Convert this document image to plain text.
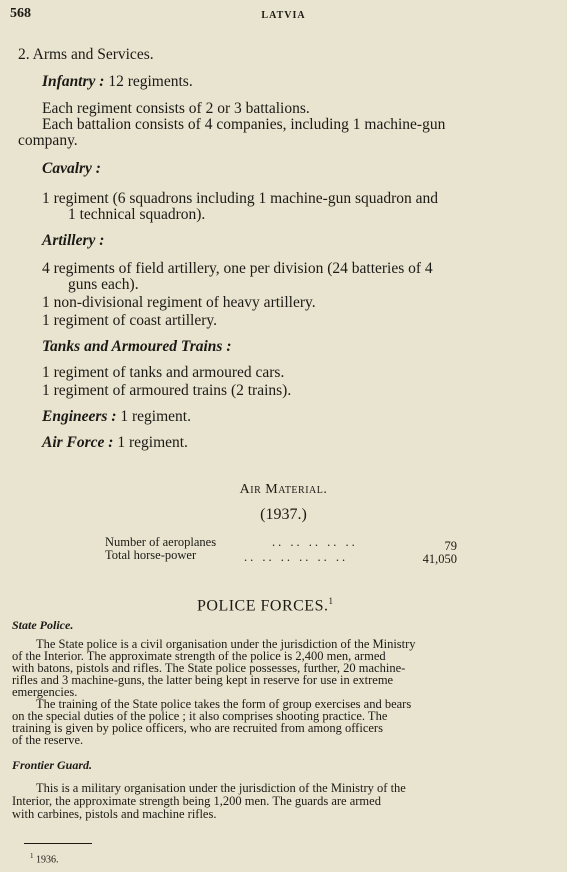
568	LATVIA
2. Arms and Services.
Infantry : 12 regiments.
Each regiment consists of 2 or 3 battalions.
Each battalion consists of 4 companies, including 1 machine-gun
company.
Cavalry :
1 regiment (6 squadrons including 1 machine-gun squadron and
1 technical squadron).
Artillery :
4 regiments of field artillery, one per division (24 batteries of 4
guns each).
1 non-divisional regiment of heavy artillery.
1 regiment of coast artillery.
Tanks and Armoured Trains :
1 regiment of tanks and armoured cars.
1 regiment of armoured trains (2 trains).
Engineers : 1 regiment.
Air Force : 1 regiment.
Air Material.
(1937.)
Number of aeroplanes	.. .. .. .. ..	79
Total horse-power	.. .. .. .. .. ..	41,050
POLICE FORCES.$^1$
State Police.
The State police is a civil organisation under the jurisdiction of the Ministry
of the Interior. The approximate strength of the police is 2,400 men, armed
with batons, pistols and rifles. The State police possesses, further, 20 machine-
rifles and 3 machine-guns, the latter being kept in reserve for use in extreme
emergencies.
The training of the State police takes the form of group exercises and bears
on the special duties of the police ; it also comprises shooting practice. The
training is given by police officers, who are recruited from among officers
of the reserve.
Frontier Guard.
This is a military organisation under the jurisdiction of the Ministry of the
Interior, the approximate strength being 1,200 men. The guards are armed
with carbines, pistols and machine rifles.
$^1$ 1936.
